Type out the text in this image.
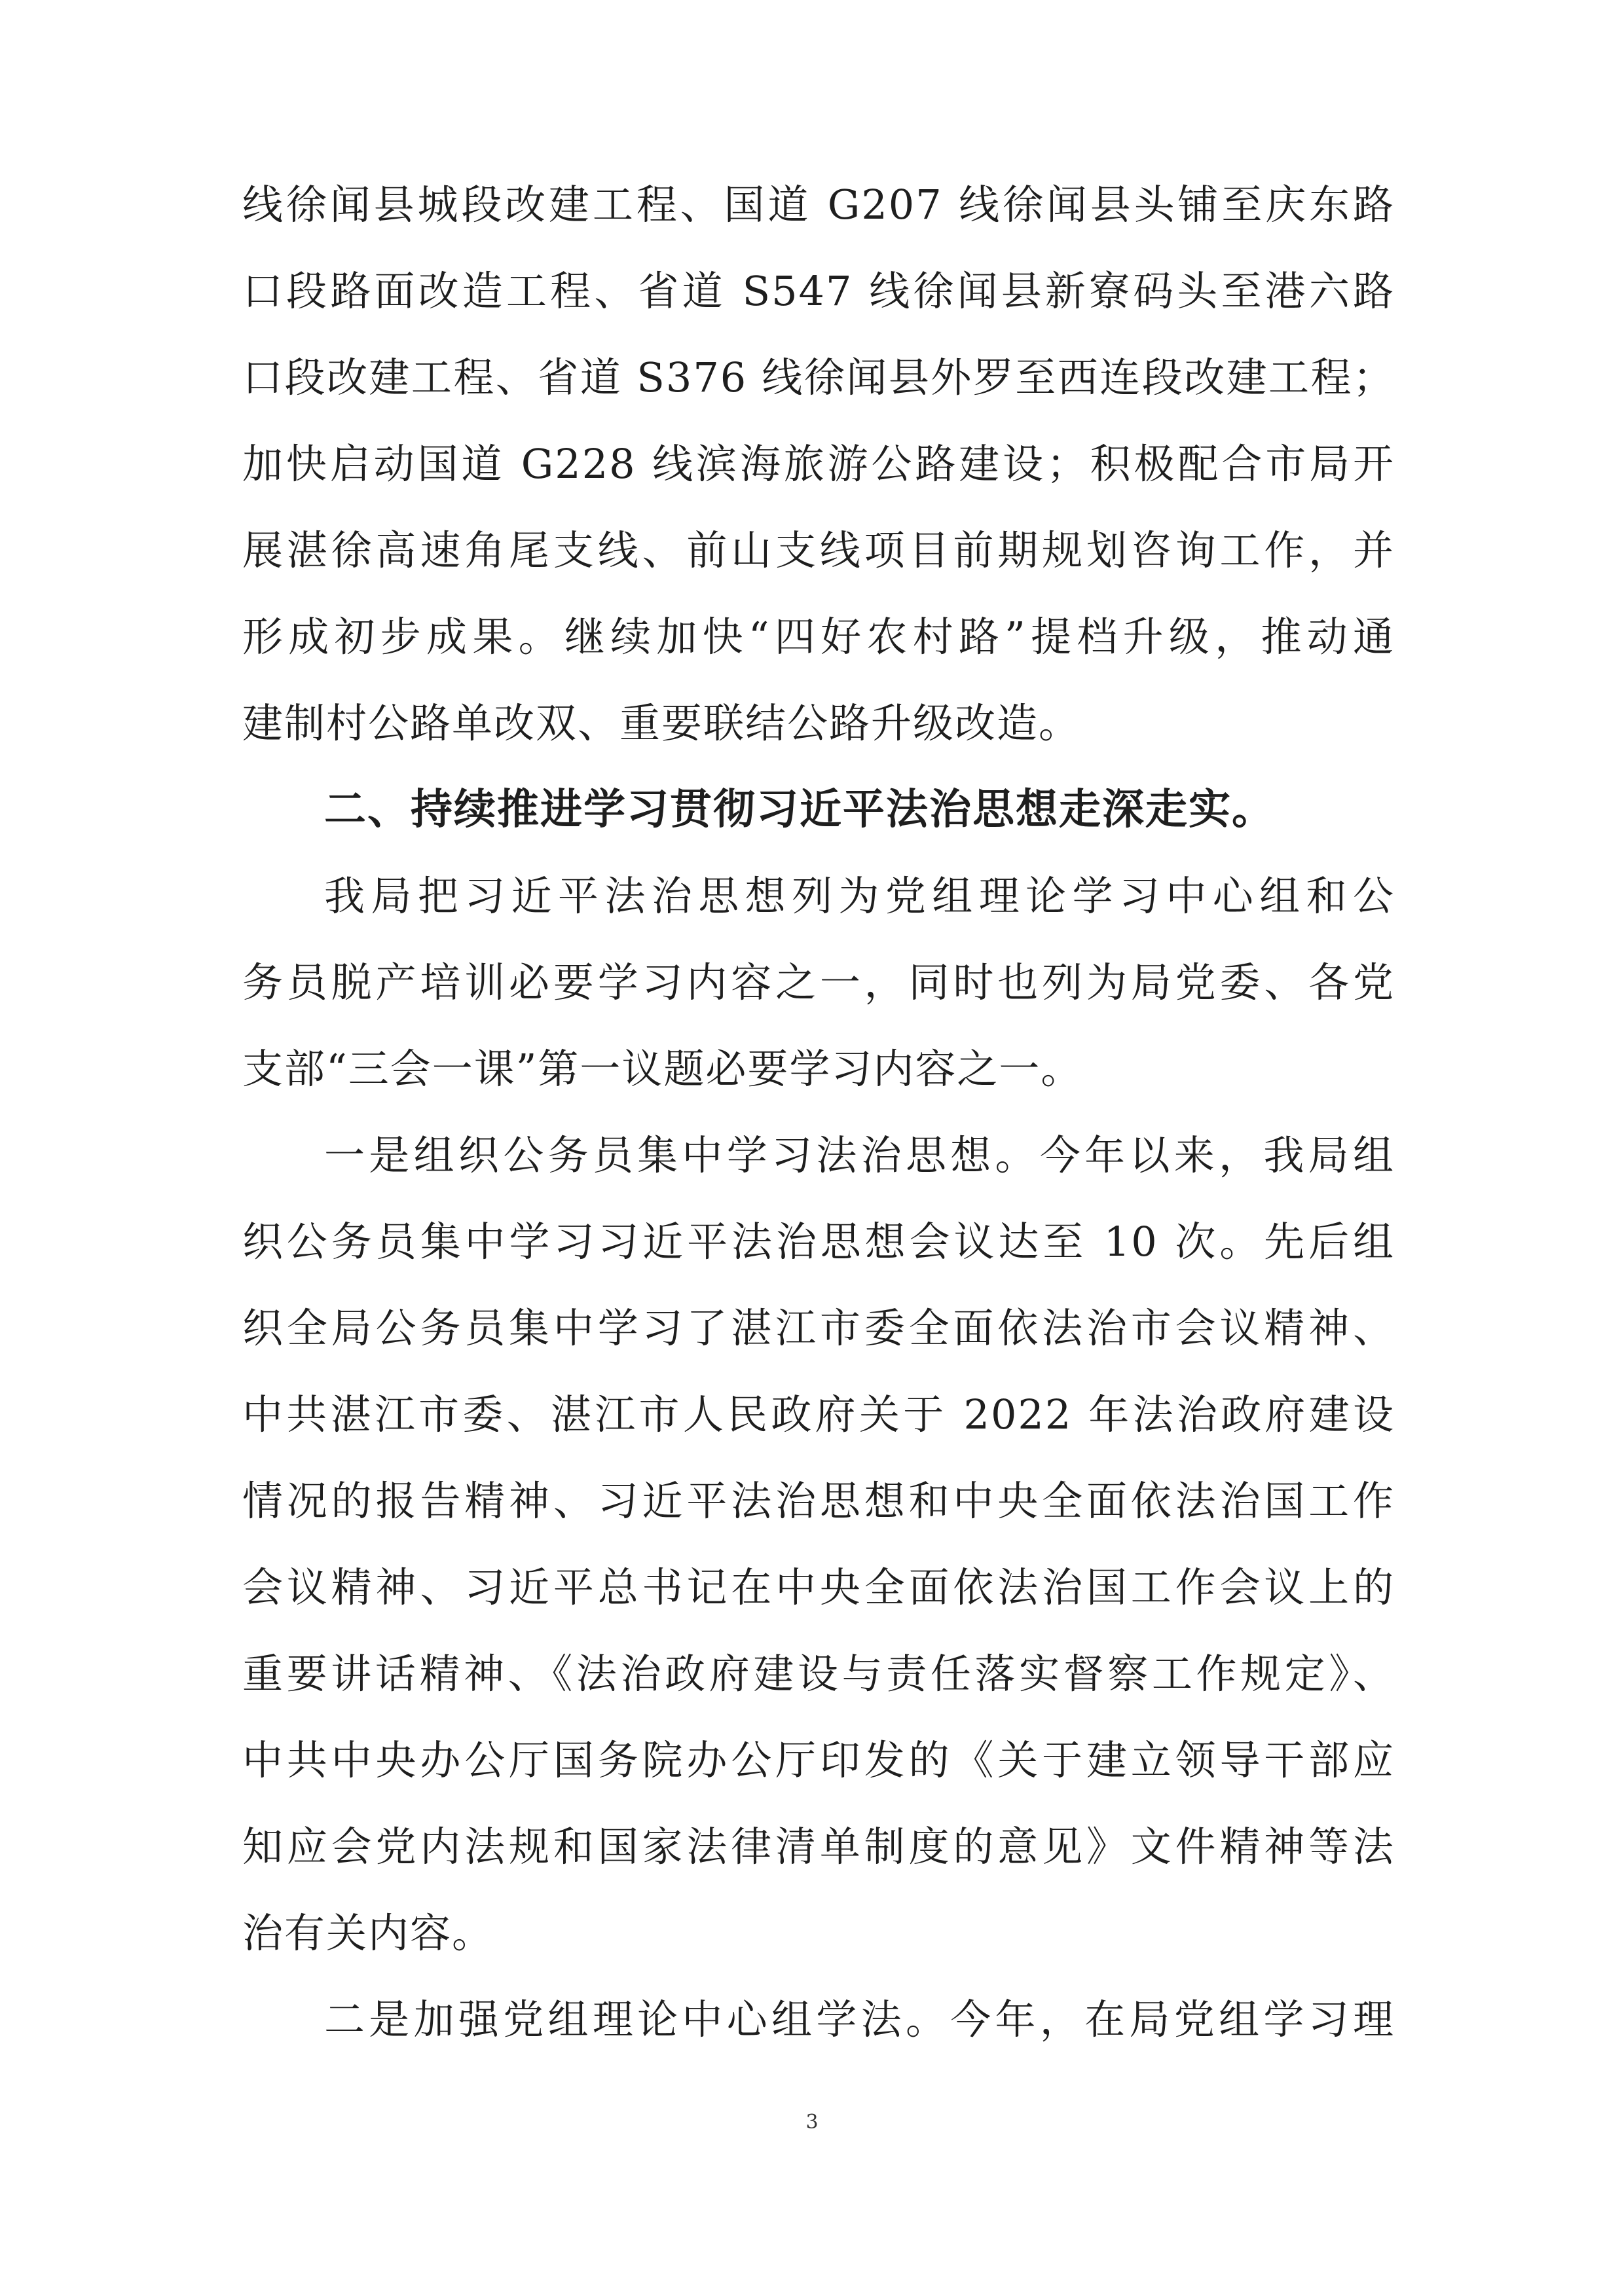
线徐闻县城段改建工程、国道 G207 线徐闻县头铺至庆东路
口段路面改造工程、省道 S547 线徐闻县新寮码头至港六路
口段改建工程、省道 S376 线徐闻县外罗至西连段改建工程；
加快启动国道 G228 线滨海旅游公路建设；积极配合市局开
展湛徐高速角尾支线、前山支线项目前期规划咨询工作，并
形成初步成果。继续加快“四好农村路”提档升级，推动通
建制村公路单改双、重要联结公路升级改造。
二、持续推进学习贯彻习近平法治思想走深走实。
我局把习近平法治思想列为党组理论学习中心组和公
务员脱产培训必要学习内容之一，同时也列为局党委、各党
支部“三会一课”第一议题必要学习内容之一。
一是组织公务员集中学习法治思想。今年以来，我局组
织公务员集中学习习近平法治思想会议达至 10 次。先后组
织全局公务员集中学习了湛江市委全面依法治市会议精神、
中共湛江市委、湛江市人民政府关于 2022 年法治政府建设
情况的报告精神、习近平法治思想和中央全面依法治国工作
会议精神、习近平总书记在中央全面依法治国工作会议上的
重要讲话精神、《法治政府建设与责任落实督察工作规定》、
中共中央办公厅国务院办公厅印发的《关于建立领导干部应
知应会党内法规和国家法律清单制度的意见》文件精神等法
治有关内容。
二是加强党组理论中心组学法。今年，在局党组学习理
3
